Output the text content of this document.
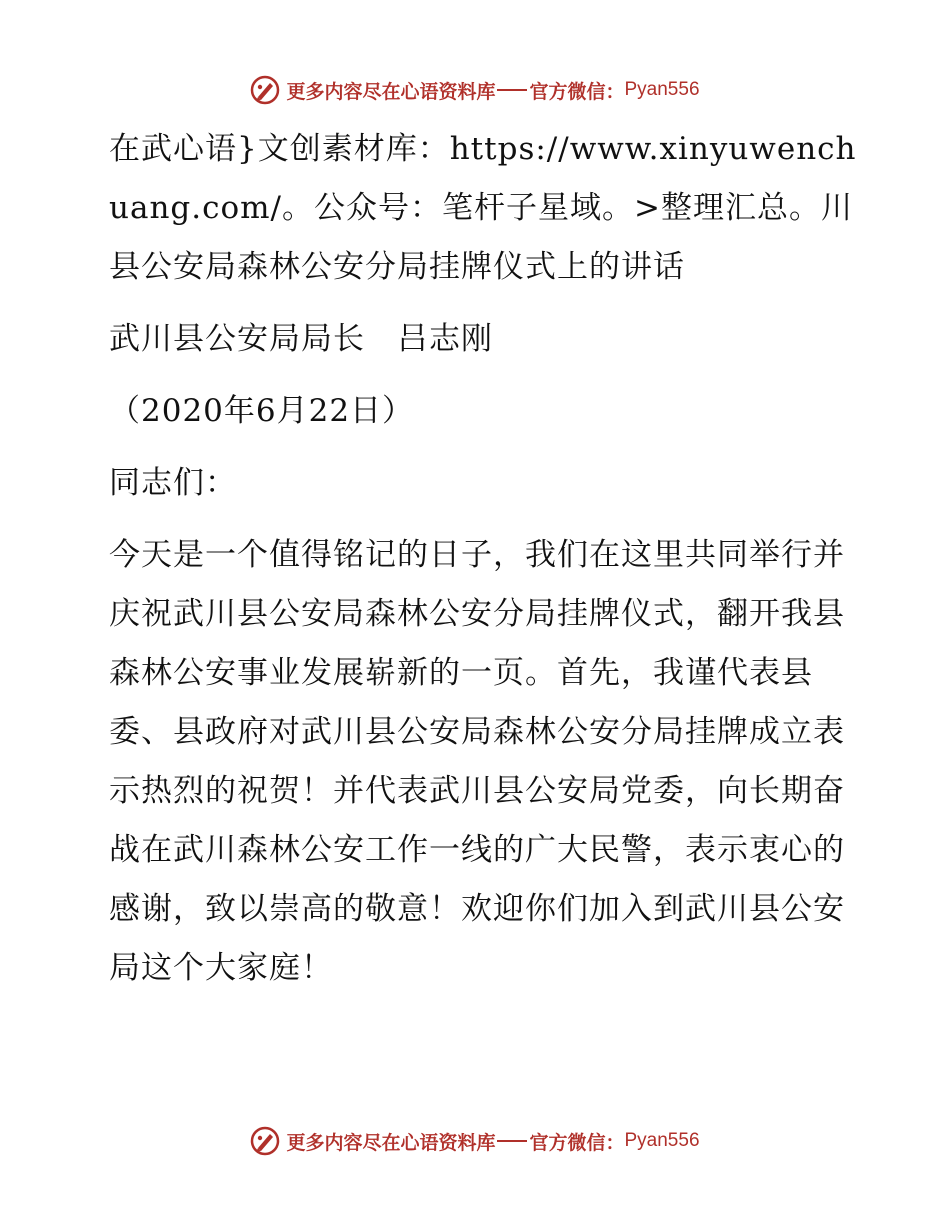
更多内容尽在心语资料库 官方微信： Pyan556

在武心语}文创素材库：https://www.xinyuwenchuang.com/。公众号：笔杆子星域。>整理汇总。川县公安局森林公安分局挂牌仪式上的讲话

武川县公安局局长　吕志刚

（2020年6月22日）

同志们：

今天是一个值得铭记的日子，我们在这里共同举行并庆祝武川县公安局森林公安分局挂牌仪式，翻开我县森林公安事业发展崭新的一页。首先，我谨代表县委、县政府对武川县公安局森林公安分局挂牌成立表示热烈的祝贺！并代表武川县公安局党委，向长期奋战在武川森林公安工作一线的广大民警，表示衷心的感谢，致以崇高的敬意！欢迎你们加入到武川县公安局这个大家庭！

更多内容尽在心语资料库 官方微信： Pyan556
